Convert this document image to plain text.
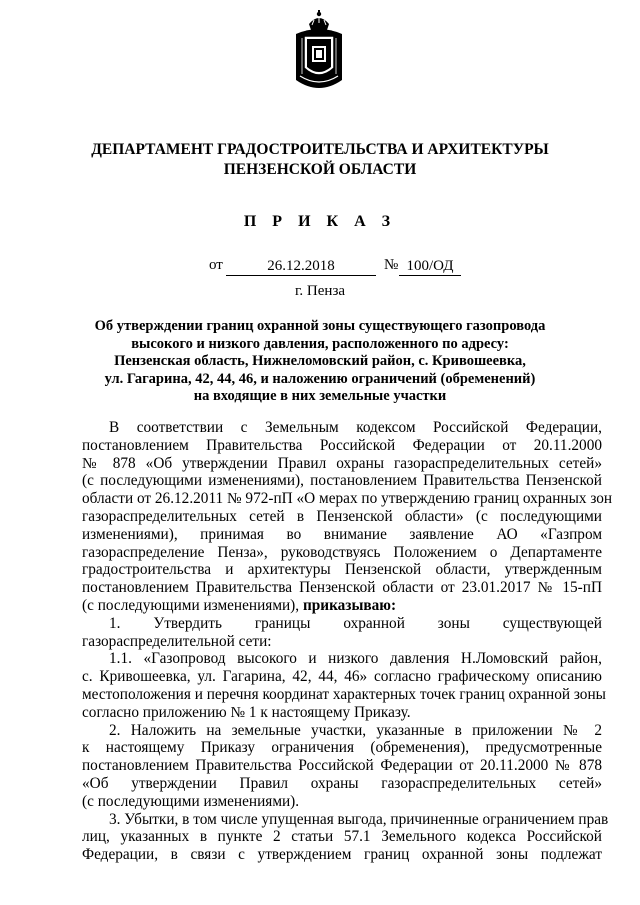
ДЕПАРТАМЕНТ ГРАДОСТРОИТЕЛЬСТВА И АРХИТЕКТУРЫ
ПЕНЗЕНСКОЙ ОБЛАСТИ
П Р И К А З
от	26.12.2018	№ 100/ОД
г. Пенза
Об утверждении границ охранной зоны существующего газопровода
высокого и низкого давления, расположенного по адресу:
Пензенская область, Нижнеломовский район, с. Кривошеевка,
ул. Гагарина, 42, 44, 46, и наложению ограничений (обременений)
на входящие в них земельные участки
В соответствии с Земельным кодексом Российской Федерации,
постановлением Правительства Российской Федерации от 20.11.2000
№ 878 «Об утверждении Правил охраны газораспределительных сетей»
(с последующими изменениями), постановлением Правительства Пензенской
области от 26.12.2011 № 972-пП «О мерах по утверждению границ охранных зон
газораспределительных сетей в Пензенской области» (с последующими
изменениями), принимая во внимание заявление АО «Газпром
газораспределение Пенза», руководствуясь Положением о Департаменте
градостроительства и архитектуры Пензенской области, утвержденным
постановлением Правительства Пензенской области от 23.01.2017 № 15-пП
(с последующими изменениями), приказываю:
1. Утвердить границы охранной зоны существующей
газораспределительной сети:
1.1. «Газопровод высокого и низкого давления Н.Ломовский район,
с. Кривошеевка, ул. Гагарина, 42, 44, 46» согласно графическому описанию
местоположения и перечня координат характерных точек границ охранной зоны
согласно приложению № 1 к настоящему Приказу.
2. Наложить на земельные участки, указанные в приложении № 2
к настоящему Приказу ограничения (обременения), предусмотренные
постановлением Правительства Российской Федерации от 20.11.2000 № 878
«Об утверждении Правил охраны газораспределительных сетей»
(с последующими изменениями).
3. Убытки, в том числе упущенная выгода, причиненные ограничением прав
лиц, указанных в пункте 2 статьи 57.1 Земельного кодекса Российской
Федерации, в связи с утверждением границ охранной зоны подлежат
